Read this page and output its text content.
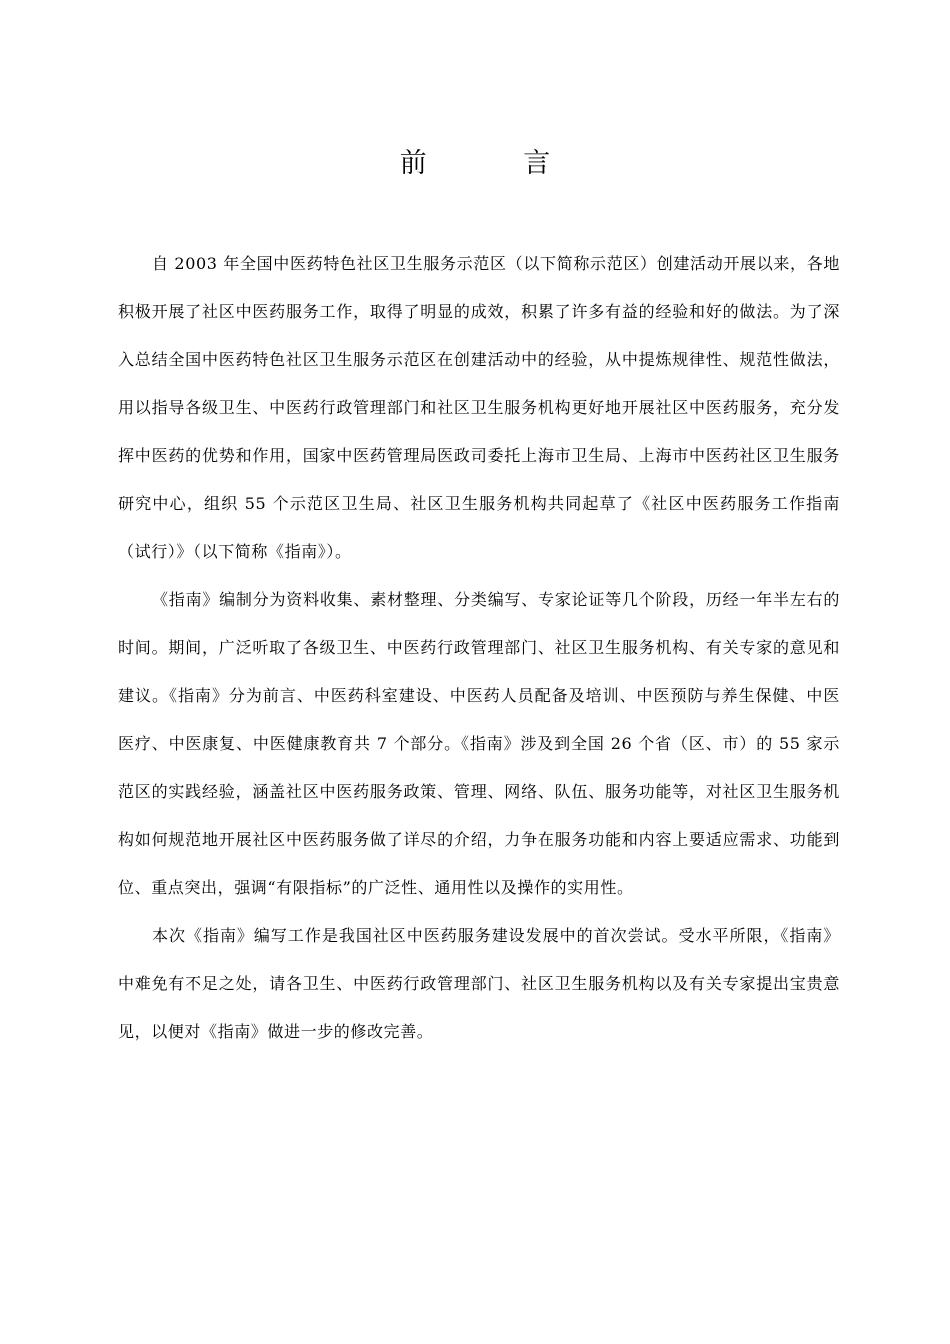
前 言

自 2003 年全国中医药特色社区卫生服务示范区（以下简称示范区）创建活动开展以来，各地积极开展了社区中医药服务工作，取得了明显的成效，积累了许多有益的经验和好的做法。为了深入总结全国中医药特色社区卫生服务示范区在创建活动中的经验，从中提炼规律性、规范性做法，用以指导各级卫生、中医药行政管理部门和社区卫生服务机构更好地开展社区中医药服务，充分发挥中医药的优势和作用，国家中医药管理局医政司委托上海市卫生局、上海市中医药社区卫生服务研究中心，组织 55 个示范区卫生局、社区卫生服务机构共同起草了《社区中医药服务工作指南（试行）》（以下简称《指南》）。

《指南》编制分为资料收集、素材整理、分类编写、专家论证等几个阶段，历经一年半左右的时间。期间，广泛听取了各级卫生、中医药行政管理部门、社区卫生服务机构、有关专家的意见和建议。《指南》分为前言、中医药科室建设、中医药人员配备及培训、中医预防与养生保健、中医医疗、中医康复、中医健康教育共 7 个部分。《指南》涉及到全国 26 个省（区、市）的 55 家示范区的实践经验，涵盖社区中医药服务政策、管理、网络、队伍、服务功能等，对社区卫生服务机构如何规范地开展社区中医药服务做了详尽的介绍，力争在服务功能和内容上要适应需求、功能到位、重点突出，强调“有限指标”的广泛性、通用性以及操作的实用性。

本次《指南》编写工作是我国社区中医药服务建设发展中的首次尝试。受水平所限，《指南》中难免有不足之处，请各卫生、中医药行政管理部门、社区卫生服务机构以及有关专家提出宝贵意见，以便对《指南》做进一步的修改完善。
